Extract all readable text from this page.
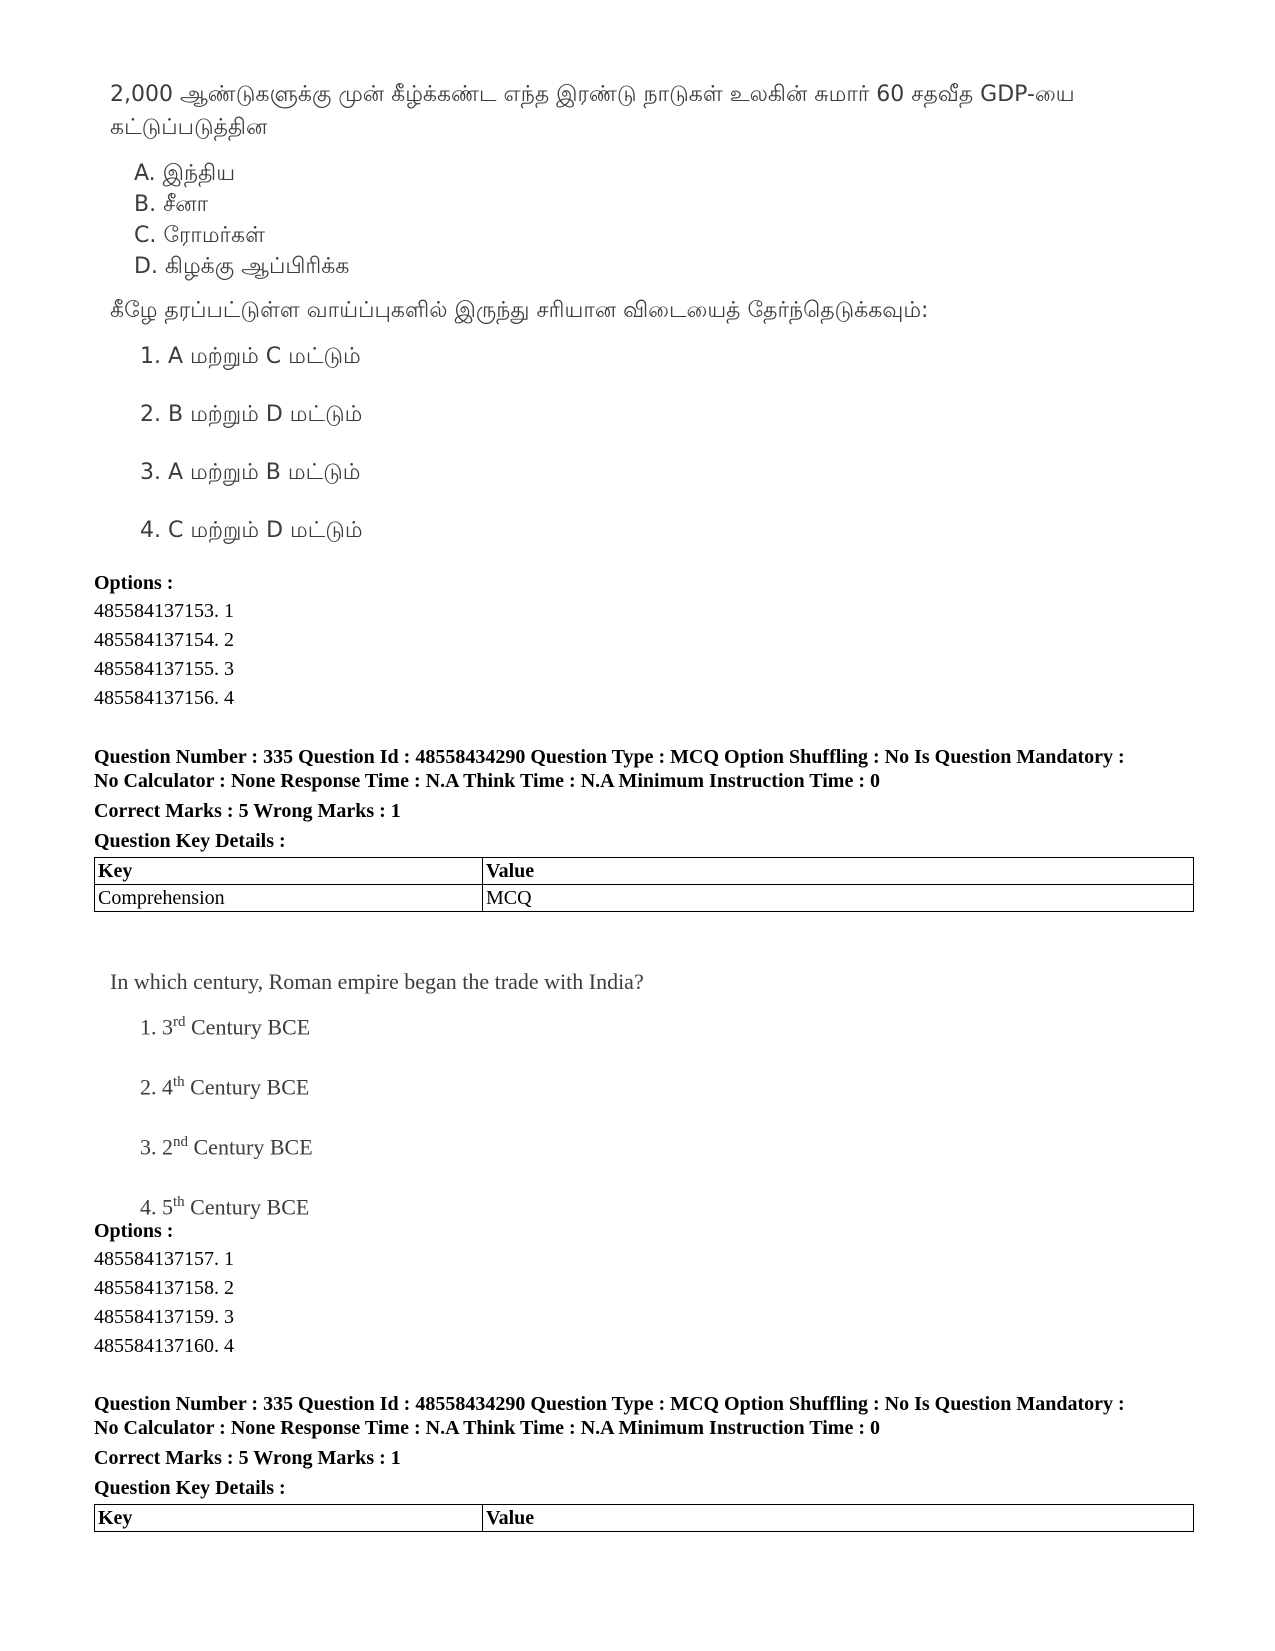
2,000 ஆண்டுகளுக்கு முன் கீழ்க்கண்ட எந்த இரண்டு நாடுகள் உலகின் சுமார் 60 சதவீத GDP-யை கட்டுப்படுத்தின
A. இந்திய
B. சீனா
C. ரோமர்கள்
D. கிழக்கு ஆப்பிரிக்க
கீழே தரப்பட்டுள்ள வாய்ப்புகளில் இருந்து சரியான விடையைத் தேர்ந்தெடுக்கவும்:
1. A மற்றும் C மட்டும்
2. B மற்றும் D மட்டும்
3. A மற்றும் B மட்டும்
4. C மற்றும் D மட்டும்
Options :
485584137153. 1
485584137154. 2
485584137155. 3
485584137156. 4
Question Number : 335 Question Id : 48558434290 Question Type : MCQ Option Shuffling : No Is Question Mandatory :
No Calculator : None Response Time : N.A Think Time : N.A Minimum Instruction Time : 0
Correct Marks : 5 Wrong Marks : 1
Question Key Details :
Key	Value
Comprehension	MCQ
In which century, Roman empire began the trade with India?
1. 3rd Century BCE
2. 4th Century BCE
3. 2nd Century BCE
4. 5th Century BCE
Options :
485584137157. 1
485584137158. 2
485584137159. 3
485584137160. 4
Question Number : 335 Question Id : 48558434290 Question Type : MCQ Option Shuffling : No Is Question Mandatory :
No Calculator : None Response Time : N.A Think Time : N.A Minimum Instruction Time : 0
Correct Marks : 5 Wrong Marks : 1
Question Key Details :
Key	Value
